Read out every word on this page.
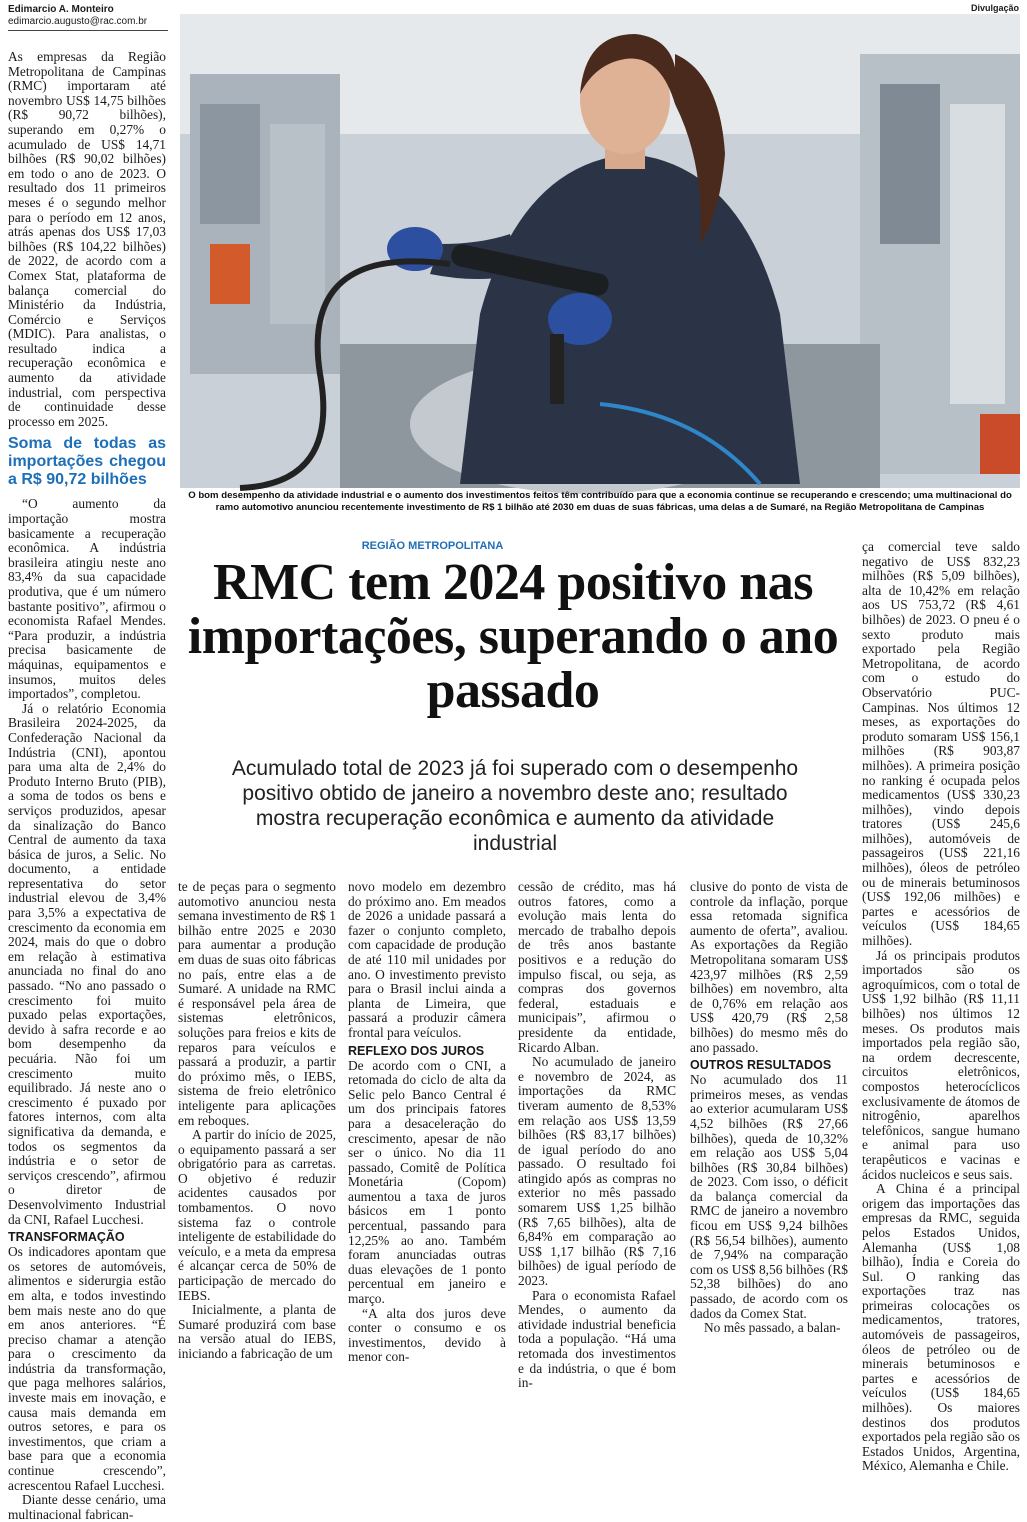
Edimarcio A. Monteiro
edimarcio.augusto@rac.com.br
Divulgação
O bom desempenho da atividade industrial e o aumento dos investimentos feitos têm contribuído para que a economia continue se recuperando e crescendo; uma multinacional do ramo automotivo anunciou recentemente investimento de R$ 1 bilhão até 2030 em duas de suas fábricas, uma delas a de Sumaré, na Região Metropolitana de Campinas
REGIÃO METROPOLITANA
RMC tem 2024 positivo nas importações, superando o ano passado
Acumulado total de 2023 já foi superado com o desempenho positivo obtido de janeiro a novembro deste ano; resultado mostra recuperação econômica e aumento da atividade industrial

As empresas da Região Metropolitana de Campinas (RMC) importaram até novembro US$ 14,75 bilhões (R$ 90,72 bilhões), superando em 0,27% o acumulado de US$ 14,71 bilhões (R$ 90,02 bilhões) em todo o ano de 2023. O resultado dos 11 primeiros meses é o segundo melhor para o período em 12 anos, atrás apenas dos US$ 17,03 bilhões (R$ 104,22 bilhões) de 2022, de acordo com a Comex Stat, plataforma de balança comercial do Ministério da Indústria, Comércio e Serviços (MDIC). Para analistas, o resultado indica a recuperação econômica e aumento da atividade industrial, com perspectiva de continuidade desse processo em 2025.

Soma de todas as importações chegou a R$ 90,72 bilhões

“O aumento da importação mostra basicamente a recuperação econômica. A indústria brasileira atingiu neste ano 83,4% da sua capacidade produtiva, que é um número bastante positivo”, afirmou o economista Rafael Mendes. “Para produzir, a indústria precisa basicamente de máquinas, equipamentos e insumos, muitos deles importados”, completou.

Já o relatório Economia Brasileira 2024-2025, da Confederação Nacional da Indústria (CNI), apontou para uma alta de 2,4% do Produto Interno Bruto (PIB), a soma de todos os bens e serviços produzidos, apesar da sinalização do Banco Central de aumento da taxa básica de juros, a Selic. No documento, a entidade representativa do setor industrial elevou de 3,4% para 3,5% a expectativa de crescimento da economia em 2024, mais do que o dobro em relação à estimativa anunciada no final do ano passado. “No ano passado o crescimento foi muito puxado pelas exportações, devido à safra recorde e ao bom desempenho da pecuária. Não foi um crescimento muito equilibrado. Já neste ano o crescimento é puxado por fatores internos, com alta significativa da demanda, e todos os segmentos da indústria e o setor de serviços crescendo”, afirmou o diretor de Desenvolvimento Industrial da CNI, Rafael Lucchesi.

TRANSFORMAÇÃO

Os indicadores apontam que os setores de automóveis, alimentos e siderurgia estão em alta, e todos investindo bem mais neste ano do que em anos anteriores. “É preciso chamar a atenção para o crescimento da indústria da transformação, que paga melhores salários, investe mais em inovação, e causa mais demanda em outros setores, e para os investimentos, que criam a base para que a economia continue crescendo”, acrescentou Rafael Lucchesi.

Diante desse cenário, uma multinacional fabrican-

te de peças para o segmento automotivo anunciou nesta semana investimento de R$ 1 bilhão entre 2025 e 2030 para aumentar a produção em duas de suas oito fábricas no país, entre elas a de Sumaré. A unidade na RMC é responsável pela área de sistemas eletrônicos, soluções para freios e kits de reparos para veículos e passará a produzir, a partir do próximo mês, o IEBS, sistema de freio eletrônico inteligente para aplicações em reboques.

A partir do início de 2025, o equipamento passará a ser obrigatório para as carretas. O objetivo é reduzir acidentes causados por tombamentos. O novo sistema faz o controle inteligente de estabilidade do veículo, e a meta da empresa é alcançar cerca de 50% de participação de mercado do IEBS.

Inicialmente, a planta de Sumaré produzirá com base na versão atual do IEBS, iniciando a fabricação de um

novo modelo em dezembro do próximo ano. Em meados de 2026 a unidade passará a fazer o conjunto completo, com capacidade de produção de até 110 mil unidades por ano. O investimento previsto para o Brasil inclui ainda a planta de Limeira, que passará a produzir câmera frontal para veículos.

REFLEXO DOS JUROS

De acordo com o CNI, a retomada do ciclo de alta da Selic pelo Banco Central é um dos principais fatores para a desaceleração do crescimento, apesar de não ser o único. No dia 11 passado, Comitê de Política Monetária (Copom) aumentou a taxa de juros básicos em 1 ponto percentual, passando para 12,25% ao ano. Também foram anunciadas outras duas elevações de 1 ponto percentual em janeiro e março.

“A alta dos juros deve conter o consumo e os investimentos, devido à menor con-

cessão de crédito, mas há outros fatores, como a evolução mais lenta do mercado de trabalho depois de três anos bastante positivos e a redução do impulso fiscal, ou seja, as compras dos governos federal, estaduais e municipais”, afirmou o presidente da entidade, Ricardo Alban.

No acumulado de janeiro e novembro de 2024, as importações da RMC tiveram aumento de 8,53% em relação aos US$ 13,59 bilhões (R$ 83,17 bilhões) de igual período do ano passado. O resultado foi atingido após as compras no exterior no mês passado somarem US$ 1,25 bilhão (R$ 7,65 bilhões), alta de 6,84% em comparação ao US$ 1,17 bilhão (R$ 7,16 bilhões) de igual período de 2023.

Para o economista Rafael Mendes, o aumento da atividade industrial beneficia toda a população. “Há uma retomada dos investimentos e da indústria, o que é bom in-

clusive do ponto de vista de controle da inflação, porque essa retomada significa aumento de oferta”, avaliou. As exportações da Região Metropolitana somaram US$ 423,97 milhões (R$ 2,59 bilhões) em novembro, alta de 0,76% em relação aos US$ 420,79 (R$ 2,58 bilhões) do mesmo mês do ano passado.

OUTROS RESULTADOS

No acumulado dos 11 primeiros meses, as vendas ao exterior acumularam US$ 4,52 bilhões (R$ 27,66 bilhões), queda de 10,32% em relação aos US$ 5,04 bilhões (R$ 30,84 bilhões) de 2023. Com isso, o déficit da balança comercial da RMC de janeiro a novembro ficou em US$ 9,24 bilhões (R$ 56,54 bilhões), aumento de 7,94% na comparação com os US$ 8,56 bilhões (R$ 52,38 bilhões) do ano passado, de acordo com os dados da Comex Stat.

No mês passado, a balan-

ça comercial teve saldo negativo de US$ 832,23 milhões (R$ 5,09 bilhões), alta de 10,42% em relação aos US 753,72 (R$ 4,61 bilhões) de 2023. O pneu é o sexto produto mais exportado pela Região Metropolitana, de acordo com o estudo do Observatório PUC-Campinas. Nos últimos 12 meses, as exportações do produto somaram US$ 156,1 milhões (R$ 903,87 milhões). A primeira posição no ranking é ocupada pelos medicamentos (US$ 330,23 milhões), vindo depois tratores (US$ 245,6 milhões), automóveis de passageiros (US$ 221,16 milhões), óleos de petróleo ou de minerais betuminosos (US$ 192,06 milhões) e partes e acessórios de veículos (US$ 184,65 milhões).

Já os principais produtos importados são os agroquímicos, com o total de US$ 1,92 bilhão (R$ 11,11 bilhões) nos últimos 12 meses. Os produtos mais importados pela região são, na ordem decrescente, circuitos eletrônicos, compostos heterocíclicos exclusivamente de átomos de nitrogênio, aparelhos telefônicos, sangue humano e animal para uso terapêuticos e vacinas e ácidos nucleicos e seus sais.

A China é a principal origem das importações das empresas da RMC, seguida pelos Estados Unidos, Alemanha (US$ 1,08 bilhão), Índia e Coreia do Sul. O ranking das exportações traz nas primeiras colocações os medicamentos, tratores, automóveis de passageiros, óleos de petróleo ou de minerais betuminosos e partes e acessórios de veículos (US$ 184,65 milhões). Os maiores destinos dos produtos exportados pela região são os Estados Unidos, Argentina, México, Alemanha e Chile.
